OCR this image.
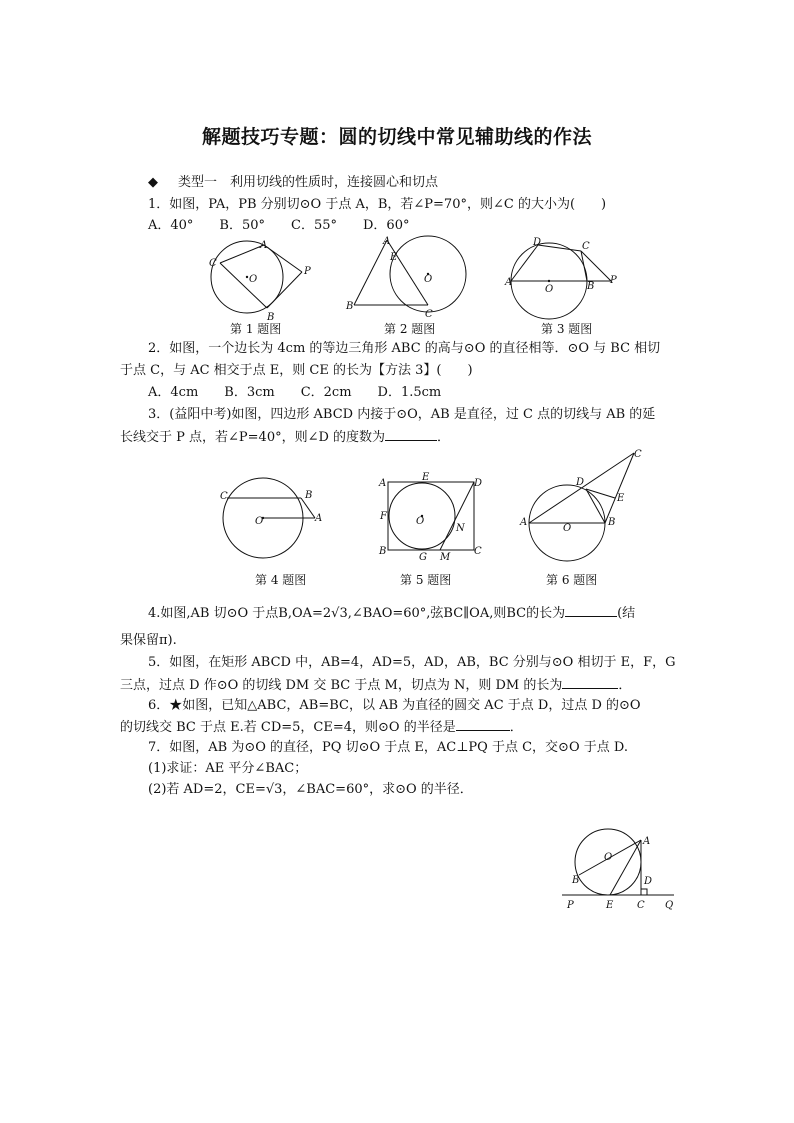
解题技巧专题：圆的切线中常见辅助线的作法
◆ 类型一　利用切线的性质时，连接圆心和切点
1．如图，PA，PB 分别切⊙O 于点 A，B，若∠P=70°，则∠C 的大小为(　　)
A．40°　　B．50°　　C．55°　　D．60°
A
C
O
P
B
A
E
O
B
C
D	C
A
O	B
P
第 1 题图	第 2 题图	第 3 题图
2．如图，一个边长为 4cm 的等边三角形 ABC 的高与⊙O 的直径相等．⊙O 与 BC 相切
于点 C，与 AC 相交于点 E，则 CE 的长为【方法 3】(　　)
A．4cm　　B．3cm　　C．2cm　　D．1.5cm
3．(益阳中考)如图，四边形 ABCD 内接于⊙O，AB 是直径，过 C 点的切线与 AB 的延
长线交于 P 点，若∠P=40°，则∠D 的度数为	．
C	B
O	A
E
A	D
F	O
N
B
G M
C
C
D
E
A
O
B
第 4 题图	第 5 题图	第 6 题图
4.如图,AB 切⊙O 于点B,OA=2√3,∠BAO=60°,弦BC∥OA,则BC的长为	(结
果保留π).
5．如图，在矩形 ABCD 中，AB=4，AD=5，AD，AB，BC 分别与⊙O 相切于 E，F，G
三点，过点 D 作⊙O 的切线 DM 交 BC 于点 M，切点为 N，则 DM 的长为	．
6．★如图，已知△ABC，AB=BC，以 AB 为直径的圆交 AC 于点 D，过点 D 的⊙O
的切线交 BC 于点 E.若 CD=5，CE=4，则⊙O 的半径是	．
7．如图，AB 为⊙O 的直径，PQ 切⊙O 于点 E，AC⊥PQ 于点 C，交⊙O 于点 D.
(1)求证：AE 平分∠BAC；
(2)若 AD=2，CE=√3，∠BAC=60°，求⊙O 的半径．
A
O
B	D
P	E C Q
